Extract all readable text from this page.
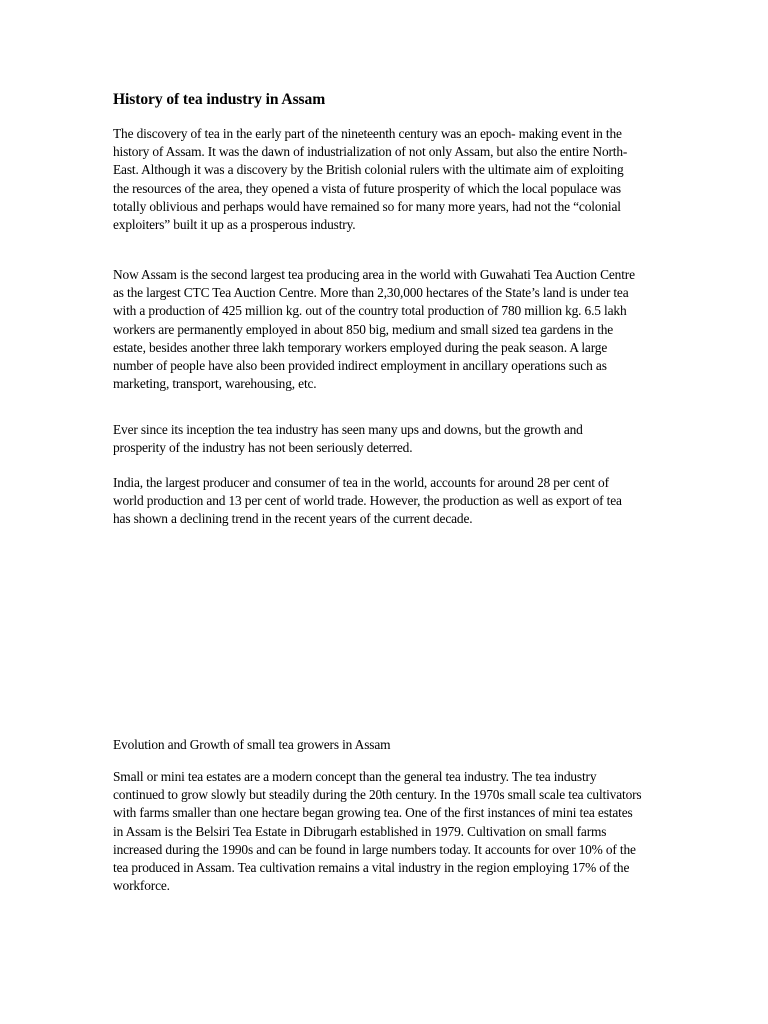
History of tea industry in Assam

The discovery of tea in the early part of the nineteenth century was an epoch- making event in the history of Assam. It was the dawn of industrialization of not only Assam, but also the entire North-East. Although it was a discovery by the British colonial rulers with the ultimate aim of exploiting the resources of the area, they opened a vista of future prosperity of which the local populace was totally oblivious and perhaps would have remained so for many more years, had not the “colonial exploiters” built it up as a prosperous industry.

Now Assam is the second largest tea producing area in the world with Guwahati Tea Auction Centre as the largest CTC Tea Auction Centre. More than 2,30,000 hectares of the State’s land is under tea with a production of 425 million kg. out of the country total production of 780 million kg. 6.5 lakh workers are permanently employed in about 850 big, medium and small sized tea gardens in the estate, besides another three lakh temporary workers employed during the peak season. A large number of people have also been provided indirect employment in ancillary operations such as marketing, transport, warehousing, etc.

Ever since its inception the tea industry has seen many ups and downs, but the growth and prosperity of the industry has not been seriously deterred.

India, the largest producer and consumer of tea in the world, accounts for around 28 per cent of world production and 13 per cent of world trade. However, the production as well as export of tea has shown a declining trend in the recent years of the current decade.

Evolution and Growth of small tea growers in Assam

Small or mini tea estates are a modern concept than the general tea industry. The tea industry continued to grow slowly but steadily during the 20th century. In the 1970s small scale tea cultivators with farms smaller than one hectare began growing tea. One of the first instances of mini tea estates in Assam is the Belsiri Tea Estate in Dibrugarh established in 1979. Cultivation on small farms increased during the 1990s and can be found in large numbers today. It accounts for over 10% of the tea produced in Assam. Tea cultivation remains a vital industry in the region employing 17% of the workforce.
